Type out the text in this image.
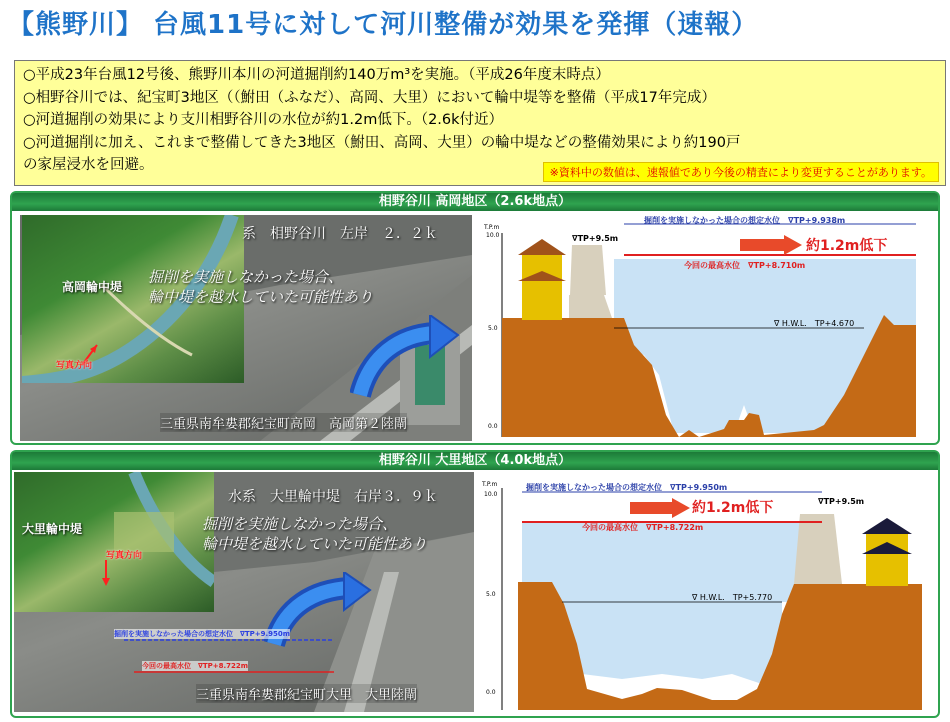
【熊野川】 台風11号に対して河川整備が効果を発揮（速報）
○平成23年台風12号後、熊野川本川の河道掘削約140万m³を実施。（平成26年度末時点）
○相野谷川では、紀宝町3地区（（鮒田（ふなだ）、高岡、大里）において輪中堤等を整備（平成17年完成）
○河道掘削の効果により支川相野谷川の水位が約1.2m低下。（2.6k付近）
○河道掘削に加え、これまで整備してきた3地区（鮒田、高岡、大里）の輪中堤などの整備効果により約190戸
の家屋浸水を回避。	※資料中の数値は、速報値であり今後の精査により変更することがあります。
相野谷川 高岡地区（2.6k地点）
高岡輪中堤
写真方向
系　相野谷川　左岸　２．２ｋ
掘削を実施しなかった場合、
輪中堤を越水していた可能性あり
三重県南牟婁郡紀宝町高岡　高岡第２陸閘
T.P.m
10.0
5.0
0.0
掘削を実施しなかった場合の想定水位　∇TP+9.938m
約1.2m低下
今回の最高水位　∇TP+8.710m
∇ H.W.L.　TP+4.670
∇TP+9.5m
相野谷川 大里地区（4.0k地点）
大里輪中堤
写真方向
水系　大里輪中堤　右岸３．９ｋ
掘削を実施しなかった場合、
輪中堤を越水していた可能性あり
掘削を実施しなかった場合の想定水位　∇TP+9.950m
今回の最高水位　∇TP+8.722m
三重県南牟婁郡紀宝町大里　大里陸閘
T.P.m
10.0
5.0
0.0
掘削を実施しなかった場合の想定水位　∇TP+9.950m
約1.2m低下
今回の最高水位　∇TP+8.722m
∇ H.W.L.　TP+5.770
∇TP+9.5m
